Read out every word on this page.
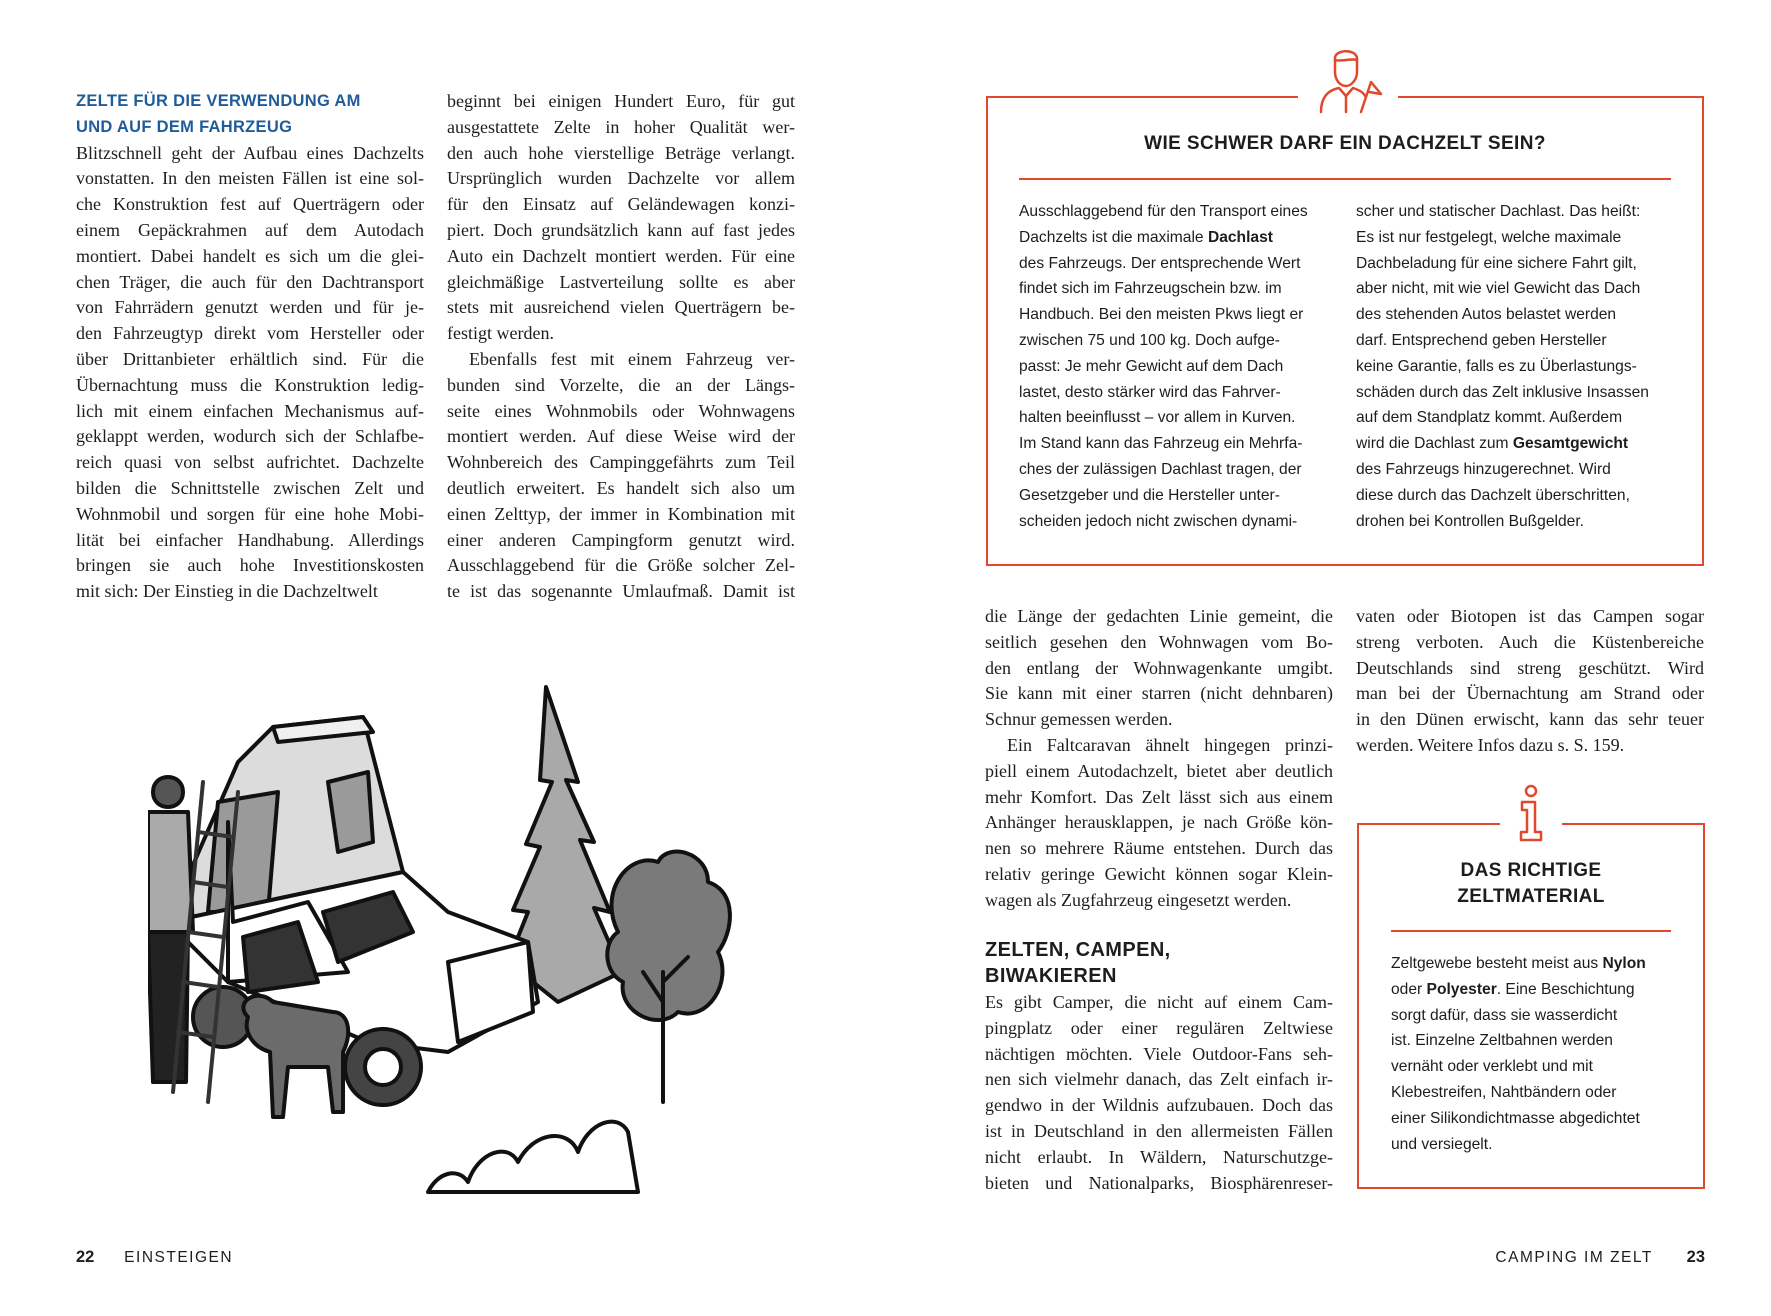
ZELTE FÜR DIE VERWENDUNG AM
UND AUF DEM FAHRZEUG
Blitzschnell geht der Aufbau eines Dachzelts
vonstatten. In den meisten Fällen ist eine sol-
che Konstruktion fest auf Querträgern oder
einem Gepäckrahmen auf dem Autodach
montiert. Dabei handelt es sich um die glei-
chen Träger, die auch für den Dachtransport
von Fahrrädern genutzt werden und für je-
den Fahrzeugtyp direkt vom Hersteller oder
über Drittanbieter erhältlich sind. Für die
Übernachtung muss die Konstruktion ledig-
lich mit einem einfachen Mechanismus auf-
geklappt werden, wodurch sich der Schlafbe-
reich quasi von selbst aufrichtet. Dachzelte
bilden die Schnittstelle zwischen Zelt und
Wohnmobil und sorgen für eine hohe Mobi-
lität bei einfacher Handhabung. Allerdings
bringen sie auch hohe Investitionskosten
mit sich: Der Einstieg in die Dachzeltwelt
beginnt bei einigen Hundert Euro, für gut
ausgestattete Zelte in hoher Qualität wer-
den auch hohe vierstellige Beträge verlangt.
Ursprünglich wurden Dachzelte vor allem
für den Einsatz auf Geländewagen konzi-
piert. Doch grundsätzlich kann auf fast jedes
Auto ein Dachzelt montiert werden. Für eine
gleichmäßige Lastverteilung sollte es aber
stets mit ausreichend vielen Querträgern be-
festigt werden.
Ebenfalls fest mit einem Fahrzeug ver-
bunden sind Vorzelte, die an der Längs-
seite eines Wohnmobils oder Wohnwagens
montiert werden. Auf diese Weise wird der
Wohnbereich des Campinggefährts zum Teil
deutlich erweitert. Es handelt sich also um
einen Zelttyp, der immer in Kombination mit
einer anderen Campingform genutzt wird.
Ausschlaggebend für die Größe solcher Zel-
te ist das sogenannte Umlaufmaß. Damit ist
22 EINSTEIGEN
WIE SCHWER DARF EIN DACHZELT SEIN?
Ausschlaggebend für den Transport eines
Dachzelts ist die maximale Dachlast
des Fahrzeugs. Der entsprechende Wert
findet sich im Fahrzeugschein bzw. im
Handbuch. Bei den meisten Pkws liegt er
zwischen 75 und 100 kg. Doch aufge-
passt: Je mehr Gewicht auf dem Dach
lastet, desto stärker wird das Fahrver-
halten beeinflusst – vor allem in Kurven.
Im Stand kann das Fahrzeug ein Mehrfa-
ches der zulässigen Dachlast tragen, der
Gesetzgeber und die Hersteller unter-
scheiden jedoch nicht zwischen dynami-
scher und statischer Dachlast. Das heißt:
Es ist nur festgelegt, welche maximale
Dachbeladung für eine sichere Fahrt gilt,
aber nicht, mit wie viel Gewicht das Dach
des stehenden Autos belastet werden
darf. Entsprechend geben Hersteller
keine Garantie, falls es zu Überlastungs-
schäden durch das Zelt inklusive Insassen
auf dem Standplatz kommt. Außerdem
wird die Dachlast zum Gesamtgewicht
des Fahrzeugs hinzugerechnet. Wird
diese durch das Dachzelt überschritten,
drohen bei Kontrollen Bußgelder.
die Länge der gedachten Linie gemeint, die
seitlich gesehen den Wohnwagen vom Bo-
den entlang der Wohnwagenkante umgibt.
Sie kann mit einer starren (nicht dehnbaren)
Schnur gemessen werden.
Ein Faltcaravan ähnelt hingegen prinzi-
piell einem Autodachzelt, bietet aber deutlich
mehr Komfort. Das Zelt lässt sich aus einem
Anhänger herausklappen, je nach Größe kön-
nen so mehrere Räume entstehen. Durch das
relativ geringe Gewicht können sogar Klein-
wagen als Zugfahrzeug eingesetzt werden.
ZELTEN, CAMPEN,
BIWAKIEREN
Es gibt Camper, die nicht auf einem Cam-
pingplatz oder einer regulären Zeltwiese
nächtigen möchten. Viele Outdoor-Fans seh-
nen sich vielmehr danach, das Zelt einfach ir-
gendwo in der Wildnis aufzubauen. Doch das
ist in Deutschland in den allermeisten Fällen
nicht erlaubt. In Wäldern, Naturschutzge-
bieten und Nationalparks, Biosphärenreser-
vaten oder Biotopen ist das Campen sogar
streng verboten. Auch die Küstenbereiche
Deutschlands sind streng geschützt. Wird
man bei der Übernachtung am Strand oder
in den Dünen erwischt, kann das sehr teuer
werden. Weitere Infos dazu s. S. 159.
DAS RICHTIGE
ZELTMATERIAL
Zeltgewebe besteht meist aus Nylon
oder Polyester. Eine Beschichtung
sorgt dafür, dass sie wasserdicht
ist. Einzelne Zeltbahnen werden
vernäht oder verklebt und mit
Klebestreifen, Nahtbändern oder
einer Silikondichtmasse abgedichtet
und versiegelt.
CAMPING IM ZELT 23
